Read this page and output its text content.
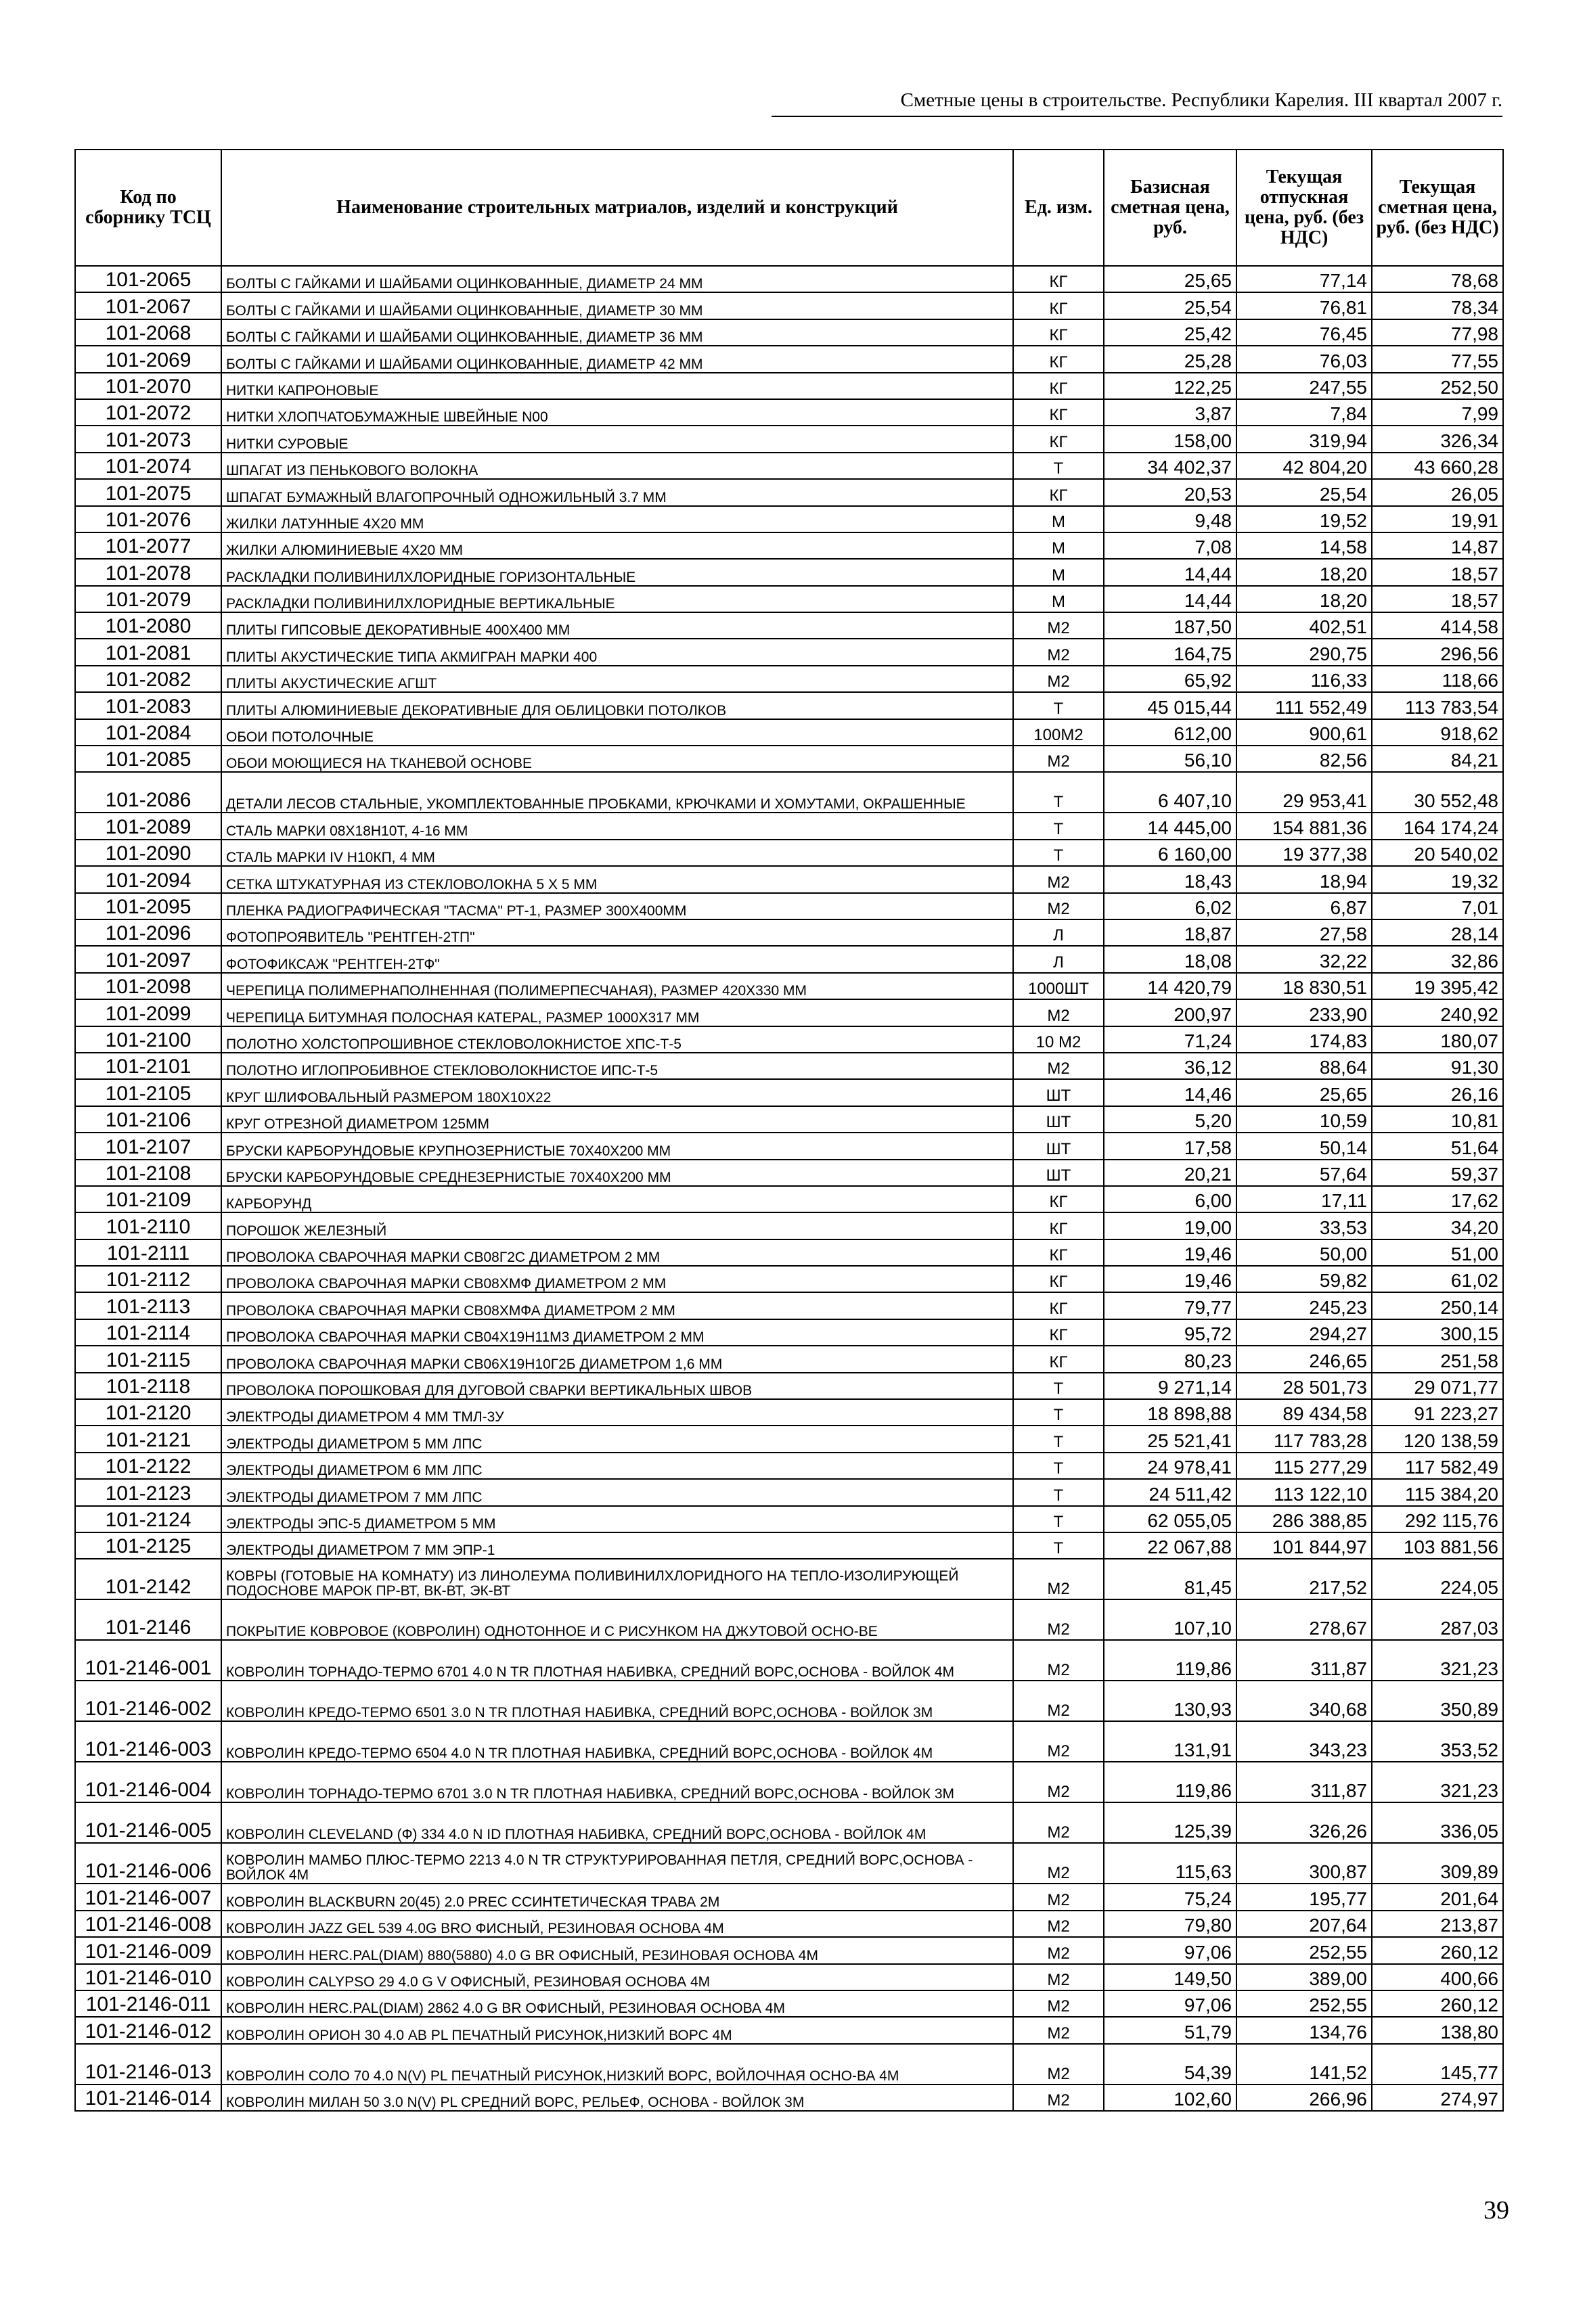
Сметные цены в строительстве. Республики Карелия. III квартал 2007 г.
Код по сборнику ТСЦ	Наименование строительных матриалов, изделий и конструкций	Ед. изм.	Базисная сметная цена, руб.	Текущая отпускная цена, руб. (без НДС)	Текущая сметная цена, руб. (без НДС)
101-2065	БОЛТЫ С ГАЙКАМИ И ШАЙБАМИ ОЦИНКОВАННЫЕ, ДИАМЕТР 24 ММ	КГ	25,65	77,14	78,68
101-2067	БОЛТЫ С ГАЙКАМИ И ШАЙБАМИ ОЦИНКОВАННЫЕ, ДИАМЕТР 30 ММ	КГ	25,54	76,81	78,34
101-2068	БОЛТЫ С ГАЙКАМИ И ШАЙБАМИ ОЦИНКОВАННЫЕ, ДИАМЕТР 36 ММ	КГ	25,42	76,45	77,98
101-2069	БОЛТЫ С ГАЙКАМИ И ШАЙБАМИ ОЦИНКОВАННЫЕ, ДИАМЕТР 42 ММ	КГ	25,28	76,03	77,55
101-2070	НИТКИ КАПРОНОВЫЕ	КГ	122,25	247,55	252,50
101-2072	НИТКИ ХЛОПЧАТОБУМАЖНЫЕ ШВЕЙНЫЕ N00	КГ	3,87	7,84	7,99
101-2073	НИТКИ СУРОВЫЕ	КГ	158,00	319,94	326,34
101-2074	ШПАГАТ ИЗ ПЕНЬКОВОГО ВОЛОКНА	Т	34 402,37	42 804,20	43 660,28
101-2075	ШПАГАТ БУМАЖНЫЙ ВЛАГОПРОЧНЫЙ ОДНОЖИЛЬНЫЙ 3.7 ММ	КГ	20,53	25,54	26,05
101-2076	ЖИЛКИ ЛАТУННЫЕ 4Х20 ММ	М	9,48	19,52	19,91
101-2077	ЖИЛКИ АЛЮМИНИЕВЫЕ 4Х20 ММ	М	7,08	14,58	14,87
101-2078	РАСКЛАДКИ ПОЛИВИНИЛХЛОРИДНЫЕ ГОРИЗОНТАЛЬНЫЕ	М	14,44	18,20	18,57
101-2079	РАСКЛАДКИ ПОЛИВИНИЛХЛОРИДНЫЕ ВЕРТИКАЛЬНЫЕ	М	14,44	18,20	18,57
101-2080	ПЛИТЫ ГИПСОВЫЕ ДЕКОРАТИВНЫЕ 400Х400 ММ	М2	187,50	402,51	414,58
101-2081	ПЛИТЫ АКУСТИЧЕСКИЕ ТИПА АКМИГРАН МАРКИ 400	М2	164,75	290,75	296,56
101-2082	ПЛИТЫ АКУСТИЧЕСКИЕ АГШТ	М2	65,92	116,33	118,66
101-2083	ПЛИТЫ АЛЮМИНИЕВЫЕ ДЕКОРАТИВНЫЕ ДЛЯ ОБЛИЦОВКИ ПОТОЛКОВ	Т	45 015,44	111 552,49	113 783,54
101-2084	ОБОИ ПОТОЛОЧНЫЕ	100М2	612,00	900,61	918,62
101-2085	ОБОИ МОЮЩИЕСЯ НА ТКАНЕВОЙ ОСНОВЕ	М2	56,10	82,56	84,21
101-2086	ДЕТАЛИ ЛЕСОВ СТАЛЬНЫЕ, УКОМПЛЕКТОВАННЫЕ ПРОБКАМИ, КРЮЧКАМИ И ХОМУТАМИ, ОКРАШЕННЫЕ	Т	6 407,10	29 953,41	30 552,48
101-2089	СТАЛЬ МАРКИ 08Х18Н10Т, 4-16 ММ	Т	14 445,00	154 881,36	164 174,24
101-2090	СТАЛЬ МАРКИ IV Н10КП, 4 ММ	Т	6 160,00	19 377,38	20 540,02
101-2094	СЕТКА ШТУКАТУРНАЯ ИЗ СТЕКЛОВОЛОКНА 5 Х 5 ММ	М2	18,43	18,94	19,32
101-2095	ПЛЕНКА РАДИОГРАФИЧЕСКАЯ "ТАСМА" РТ-1, РАЗМЕР 300Х400ММ	М2	6,02	6,87	7,01
101-2096	ФОТОПРОЯВИТЕЛЬ "РЕНТГЕН-2ТП"	Л	18,87	27,58	28,14
101-2097	ФОТОФИКСАЖ "РЕНТГЕН-2ТФ"	Л	18,08	32,22	32,86
101-2098	ЧЕРЕПИЦА ПОЛИМЕРНАПОЛНЕННАЯ (ПОЛИМЕРПЕСЧАНАЯ), РАЗМЕР 420Х330 ММ	1000ШТ	14 420,79	18 830,51	19 395,42
101-2099	ЧЕРЕПИЦА БИТУМНАЯ ПОЛОСНАЯ КАТЕРАL, РАЗМЕР 1000Х317 ММ	М2	200,97	233,90	240,92
101-2100	ПОЛОТНО ХОЛСТОПРОШИВНОЕ СТЕКЛОВОЛОКНИСТОЕ ХПС-Т-5	10 М2	71,24	174,83	180,07
101-2101	ПОЛОТНО ИГЛОПРОБИВНОЕ СТЕКЛОВОЛОКНИСТОЕ ИПС-Т-5	М2	36,12	88,64	91,30
101-2105	КРУГ ШЛИФОВАЛЬНЫЙ РАЗМЕРОМ 180Х10Х22	ШТ	14,46	25,65	26,16
101-2106	КРУГ ОТРЕЗНОЙ ДИАМЕТРОМ 125ММ	ШТ	5,20	10,59	10,81
101-2107	БРУСКИ КАРБОРУНДОВЫЕ КРУПНОЗЕРНИСТЫЕ 70Х40Х200 ММ	ШТ	17,58	50,14	51,64
101-2108	БРУСКИ КАРБОРУНДОВЫЕ СРЕДНЕЗЕРНИСТЫЕ 70Х40Х200 ММ	ШТ	20,21	57,64	59,37
101-2109	КАРБОРУНД	КГ	6,00	17,11	17,62
101-2110	ПОРОШОК ЖЕЛЕЗНЫЙ	КГ	19,00	33,53	34,20
101-2111	ПРОВОЛОКА СВАРОЧНАЯ МАРКИ СВ08Г2С ДИАМЕТРОМ 2 ММ	КГ	19,46	50,00	51,00
101-2112	ПРОВОЛОКА СВАРОЧНАЯ МАРКИ СВ08ХМФ ДИАМЕТРОМ 2 ММ	КГ	19,46	59,82	61,02
101-2113	ПРОВОЛОКА СВАРОЧНАЯ МАРКИ СВ08ХМФА ДИАМЕТРОМ 2 ММ	КГ	79,77	245,23	250,14
101-2114	ПРОВОЛОКА СВАРОЧНАЯ МАРКИ СВ04Х19Н11М3 ДИАМЕТРОМ 2 ММ	КГ	95,72	294,27	300,15
101-2115	ПРОВОЛОКА СВАРОЧНАЯ МАРКИ СВ06Х19Н10Г2Б ДИАМЕТРОМ 1,6 ММ	КГ	80,23	246,65	251,58
101-2118	ПРОВОЛОКА ПОРОШКОВАЯ ДЛЯ ДУГОВОЙ СВАРКИ ВЕРТИКАЛЬНЫХ ШВОВ	Т	9 271,14	28 501,73	29 071,77
101-2120	ЭЛЕКТРОДЫ ДИАМЕТРОМ 4 ММ ТМЛ-3У	Т	18 898,88	89 434,58	91 223,27
101-2121	ЭЛЕКТРОДЫ ДИАМЕТРОМ 5 ММ ЛПС	Т	25 521,41	117 783,28	120 138,59
101-2122	ЭЛЕКТРОДЫ ДИАМЕТРОМ 6 ММ ЛПС	Т	24 978,41	115 277,29	117 582,49
101-2123	ЭЛЕКТРОДЫ ДИАМЕТРОМ 7 ММ ЛПС	Т	24 511,42	113 122,10	115 384,20
101-2124	ЭЛЕКТРОДЫ ЭПС-5 ДИАМЕТРОМ 5 ММ	Т	62 055,05	286 388,85	292 115,76
101-2125	ЭЛЕКТРОДЫ ДИАМЕТРОМ 7 ММ ЭПР-1	Т	22 067,88	101 844,97	103 881,56
101-2142	КОВРЫ (ГОТОВЫЕ НА КОМНАТУ) ИЗ ЛИНОЛЕУМА ПОЛИВИНИЛХЛОРИДНОГО НА ТЕПЛО-ИЗОЛИРУЮЩЕЙ ПОДОСНОВЕ МАРОК ПР-ВТ, ВК-ВТ, ЭК-ВТ	М2	81,45	217,52	224,05
101-2146	ПОКРЫТИЕ КОВРОВОЕ (КОВРОЛИН) ОДНОТОННОЕ И С РИСУНКОМ НА ДЖУТОВОЙ ОСНО-ВЕ	М2	107,10	278,67	287,03
101-2146-001	КОВРОЛИН ТОРНАДО-ТЕРМО 6701 4.0 N TR ПЛОТНАЯ НАБИВКА, СРЕДНИЙ ВОРС,ОСНОВА - ВОЙЛОК 4М	М2	119,86	311,87	321,23
101-2146-002	КОВРОЛИН КРЕДО-ТЕРМО 6501 3.0 N TR ПЛОТНАЯ НАБИВКА, СРЕДНИЙ ВОРС,ОСНОВА - ВОЙЛОК 3М	М2	130,93	340,68	350,89
101-2146-003	КОВРОЛИН КРЕДО-ТЕРМО 6504 4.0 N TR ПЛОТНАЯ НАБИВКА, СРЕДНИЙ ВОРС,ОСНОВА - ВОЙЛОК 4М	М2	131,91	343,23	353,52
101-2146-004	КОВРОЛИН ТОРНАДО-ТЕРМО 6701 3.0 N TR ПЛОТНАЯ НАБИВКА, СРЕДНИЙ ВОРС,ОСНОВА - ВОЙЛОК 3М	М2	119,86	311,87	321,23
101-2146-005	КОВРОЛИН CLEVELAND (Ф) 334 4.0 N ID ПЛОТНАЯ НАБИВКА, СРЕДНИЙ ВОРС,ОСНОВА - ВОЙЛОК 4М	М2	125,39	326,26	336,05
101-2146-006	КОВРОЛИН МАМБО ПЛЮС-ТЕРМО 2213 4.0 N TR СТРУКТУРИРОВАННАЯ ПЕТЛЯ, СРЕДНИЙ ВОРС,ОСНОВА - ВОЙЛОК 4М	М2	115,63	300,87	309,89
101-2146-007	КОВРОЛИН BLACKBURN 20(45) 2.0 PREC ССИНТЕТИЧЕСКАЯ ТРАВА 2М	М2	75,24	195,77	201,64
101-2146-008	КОВРОЛИН JAZZ GEL 539 4.0G BRO ФИСНЫЙ, РЕЗИНОВАЯ ОСНОВА 4М	М2	79,80	207,64	213,87
101-2146-009	КОВРОЛИН HERC.PAL(DIAM) 880(5880) 4.0 G BR ОФИСНЫЙ, РЕЗИНОВАЯ ОСНОВА 4М	М2	97,06	252,55	260,12
101-2146-010	КОВРОЛИН CALYPSO 29 4.0 G V ОФИСНЫЙ, РЕЗИНОВАЯ ОСНОВА 4М	М2	149,50	389,00	400,66
101-2146-011	КОВРОЛИН HERC.PAL(DIAM) 2862 4.0 G BR ОФИСНЫЙ, РЕЗИНОВАЯ ОСНОВА 4М	М2	97,06	252,55	260,12
101-2146-012	КОВРОЛИН ОРИОН 30 4.0 AB PL ПЕЧАТНЫЙ РИСУНОК,НИЗКИЙ ВОРС 4М	М2	51,79	134,76	138,80
101-2146-013	КОВРОЛИН СОЛО 70 4.0 N(V) PL ПЕЧАТНЫЙ РИСУНОК,НИЗКИЙ ВОРС, ВОЙЛОЧНАЯ ОСНО-ВА 4М	М2	54,39	141,52	145,77
101-2146-014	КОВРОЛИН МИЛАН 50 3.0 N(V) PL СРЕДНИЙ ВОРС, РЕЛЬЕФ, ОСНОВА - ВОЙЛОК 3М	М2	102,60	266,96	274,97
39
